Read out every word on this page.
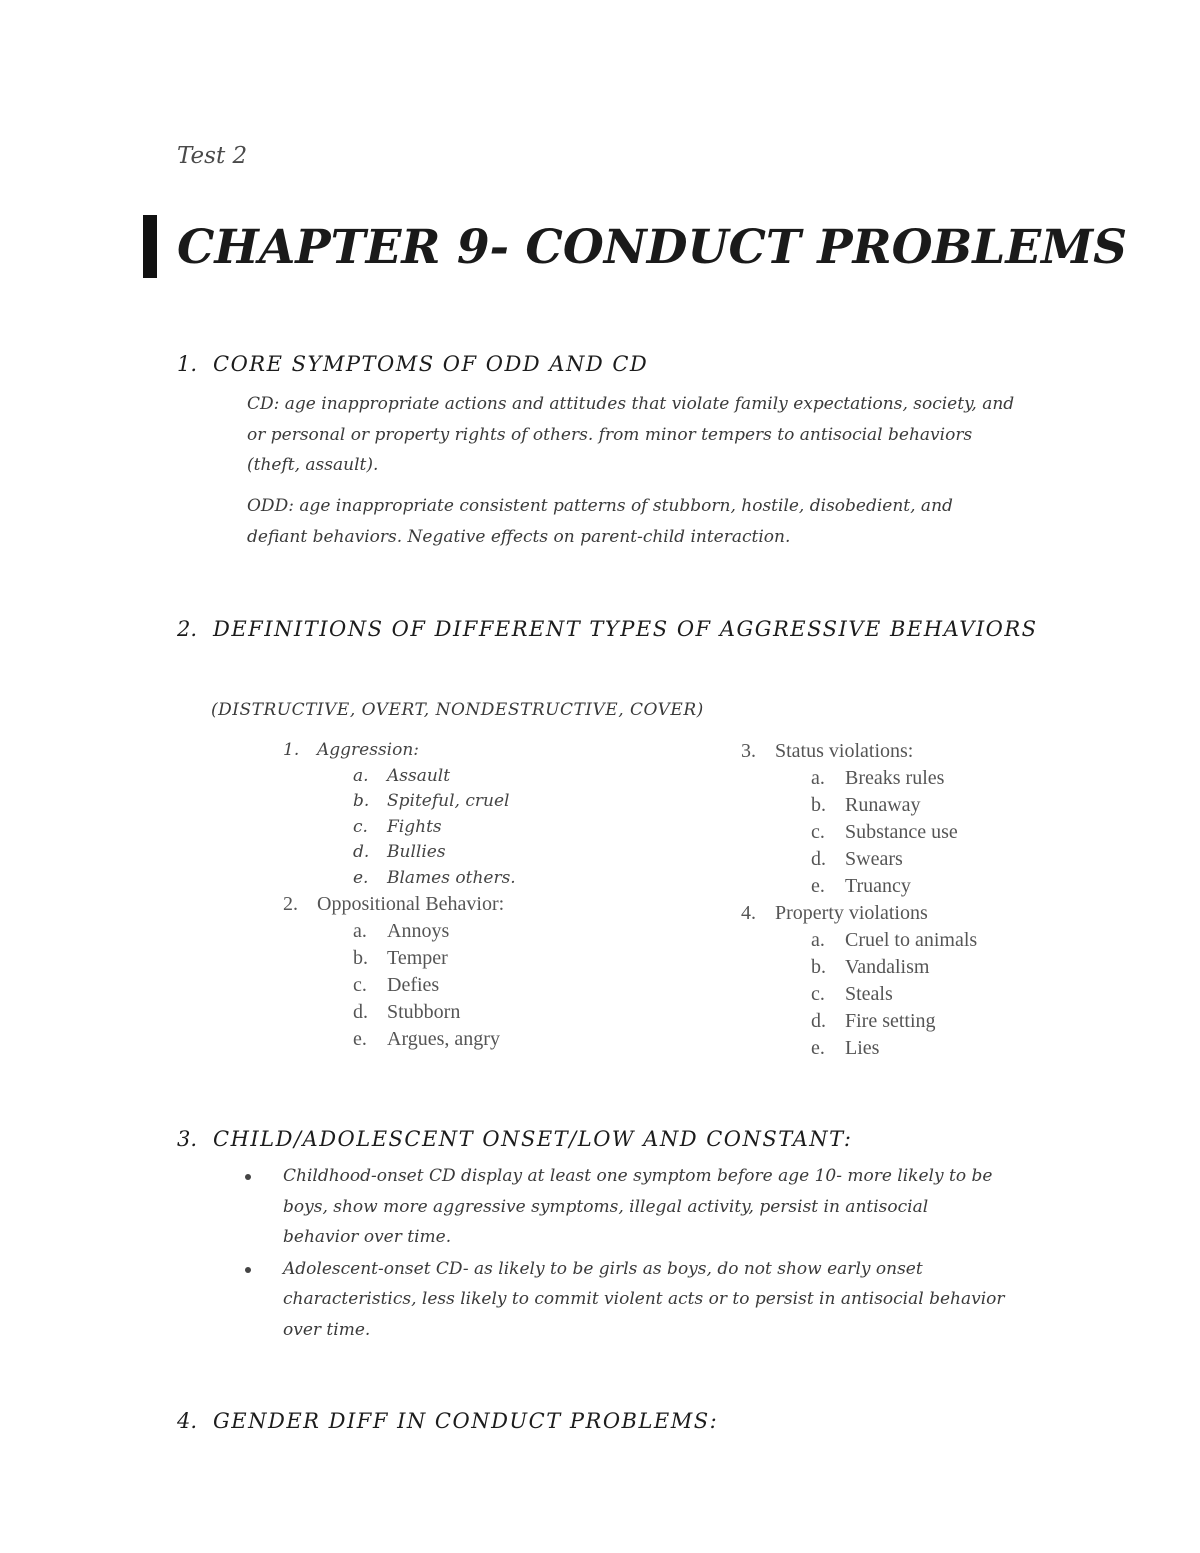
Test 2

CHAPTER 9- CONDUCT PROBLEMS
1. CORE SYMPTOMS OF ODD AND CD

CD: age inappropriate actions and attitudes that violate family expectations, society, and or personal or property rights of others. from minor tempers to antisocial behaviors (theft, assault).

ODD: age inappropriate consistent patterns of stubborn, hostile, disobedient, and defiant behaviors. Negative effects on parent-child interaction.

2. DEFINITIONS OF DIFFERENT TYPES OF AGGRESSIVE BEHAVIORS

(DISTRUCTIVE, OVERT, NONDESTRUCTIVE, COVER)

1. Aggression:
a. Assault
b. Spiteful, cruel
c. Fights
d. Bullies
e. Blames others.
2. Oppositional Behavior:
a. Annoys
b. Temper
c. Defies
d. Stubborn
e. Argues, angry
3. Status violations:
a. Breaks rules
b. Runaway
c. Substance use
d. Swears
e. Truancy
4. Property violations
a. Cruel to animals
b. Vandalism
c. Steals
d. Fire setting
e. Lies
3. CHILD/ADOLESCENT ONSET/LOW AND CONSTANT:
Childhood-onset CD display at least one symptom before age 10- more likely to be boys, show more aggressive symptoms, illegal activity, persist in antisocial behavior over time.
Adolescent-onset CD- as likely to be girls as boys, do not show early onset characteristics, less likely to commit violent acts or to persist in antisocial behavior over time.
4. GENDER DIFF IN CONDUCT PROBLEMS:
